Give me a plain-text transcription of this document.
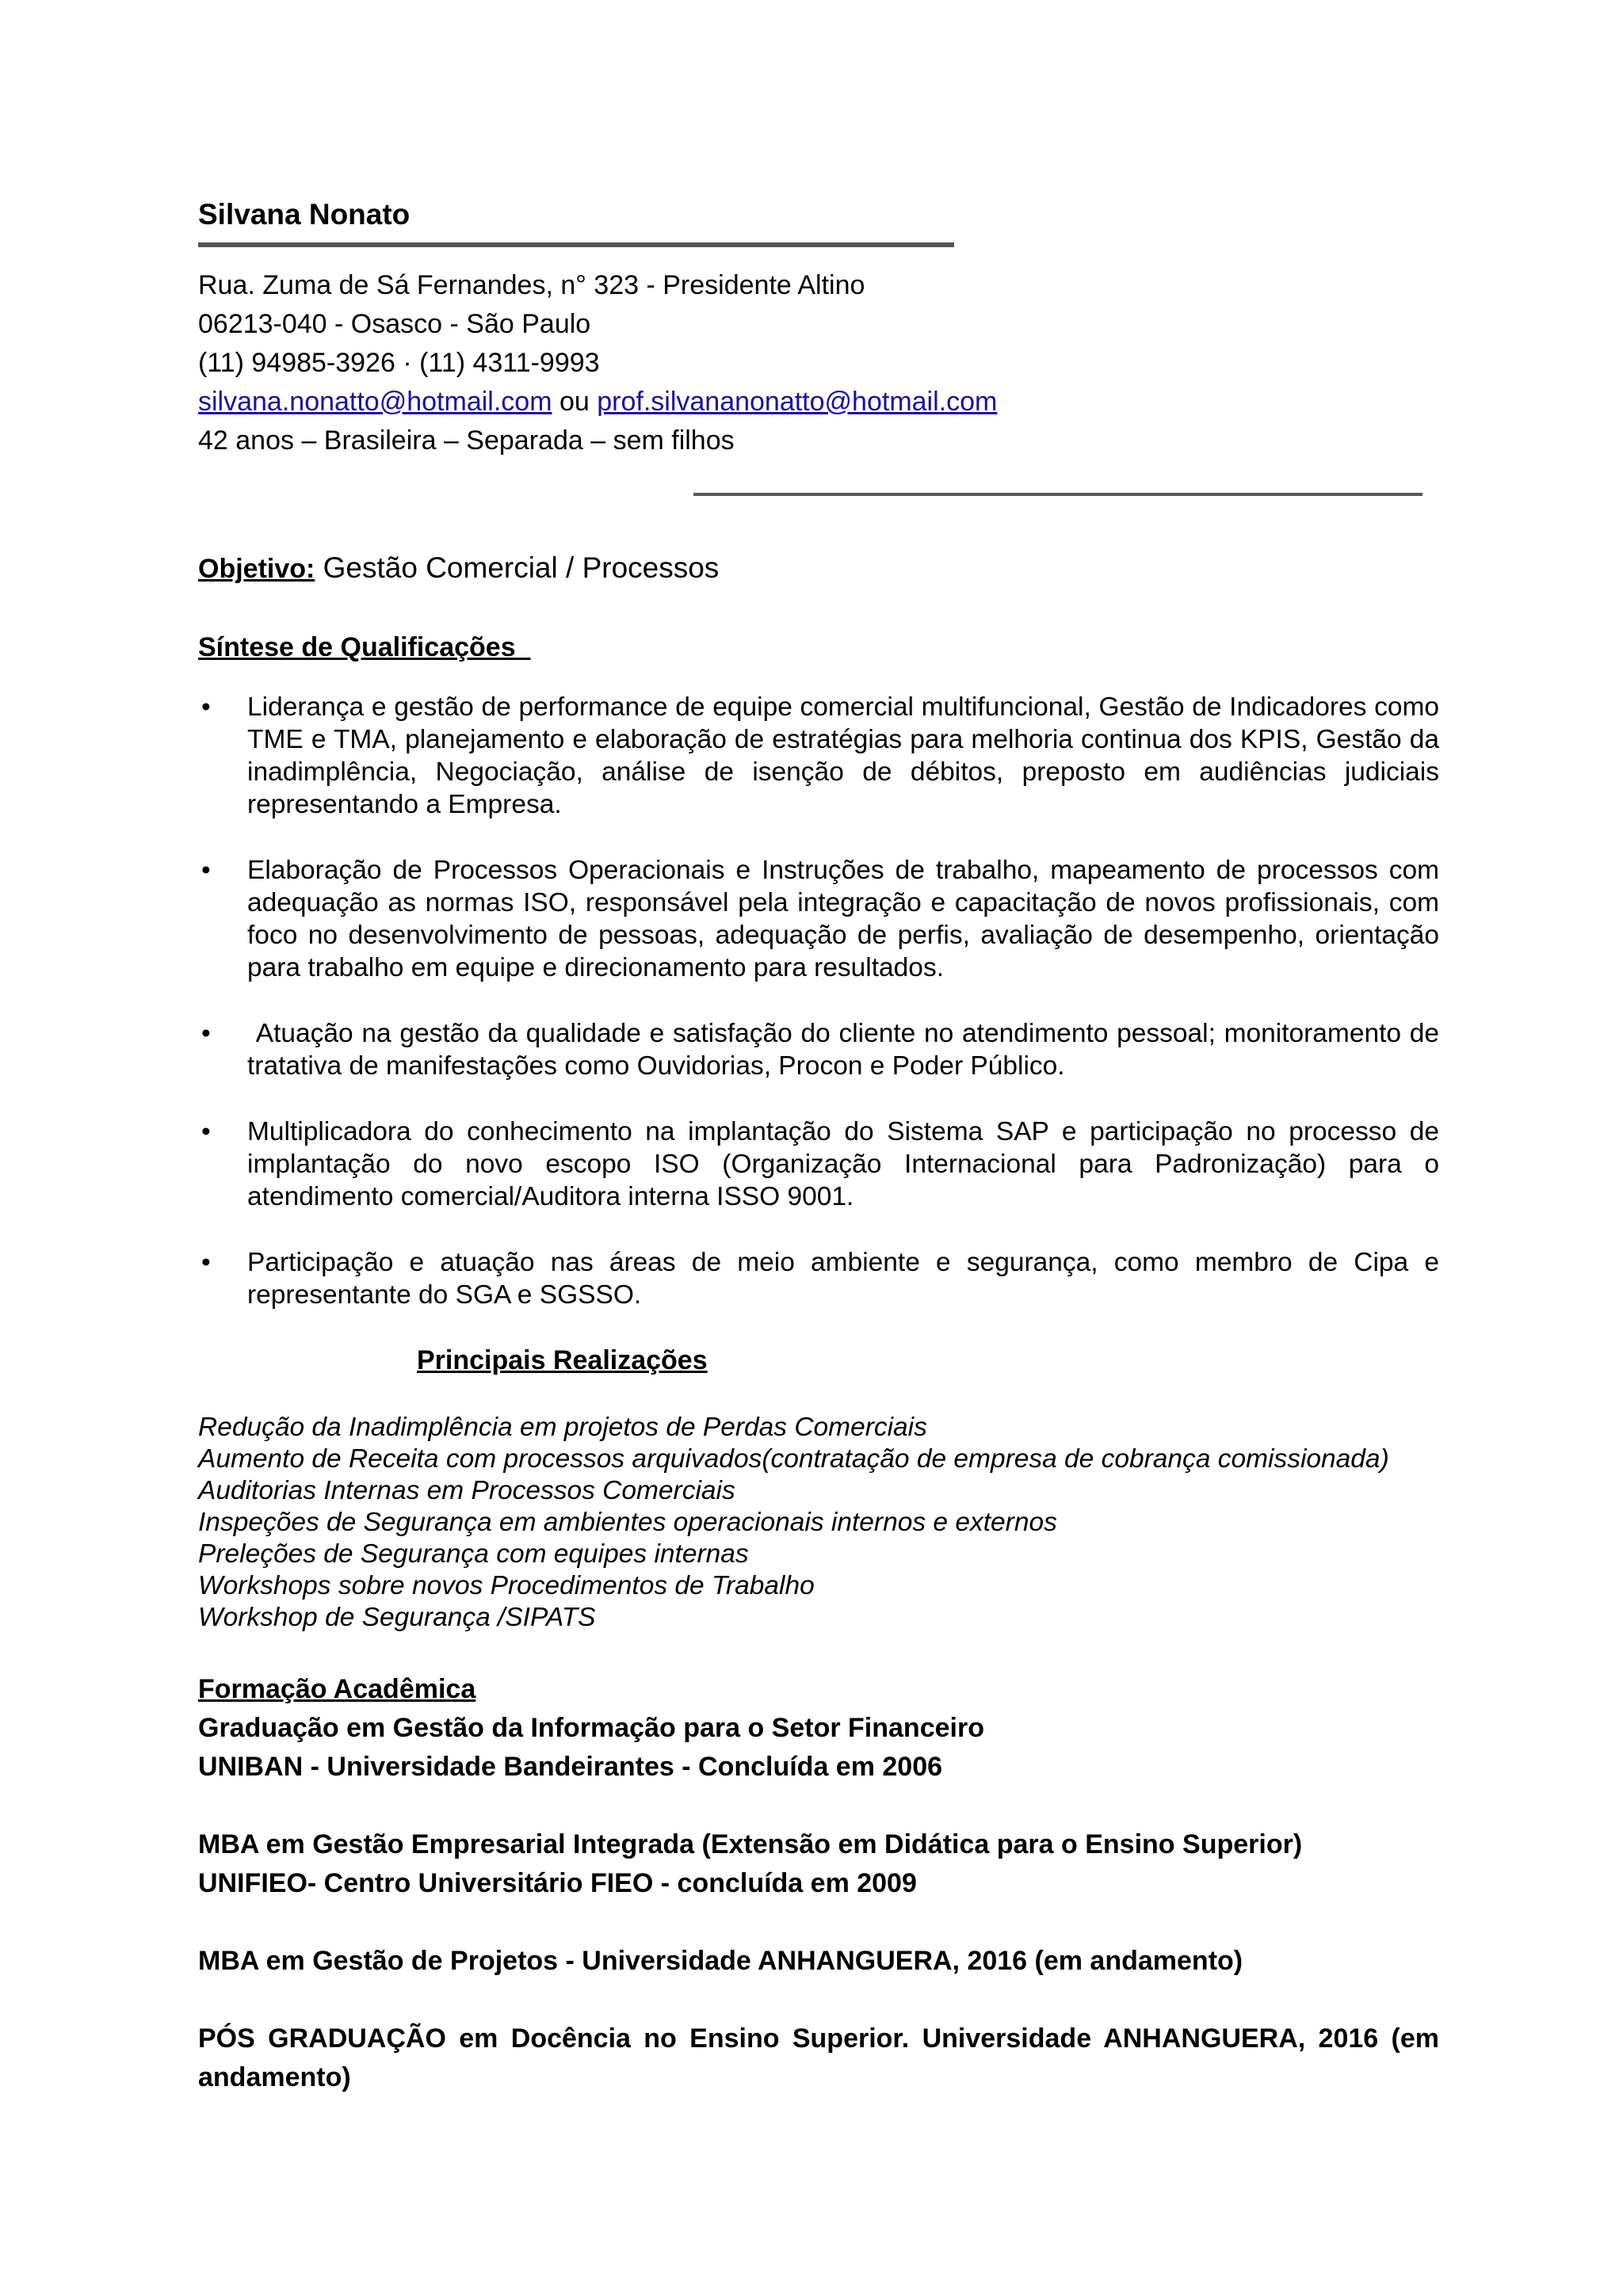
Silvana Nonato
Rua. Zuma de Sá Fernandes, n° 323 - Presidente Altino
06213-040 - Osasco - São Paulo
(11) 94985-3926 · (11) 4311-9993
silvana.nonatto@hotmail.com ou prof.silvananonatto@hotmail.com
42 anos – Brasileira – Separada – sem filhos
Objetivo: Gestão Comercial / Processos
Síntese de Qualificações
• Liderança e gestão de performance de equipe comercial multifuncional, Gestão de Indicadores como TME e TMA, planejamento e elaboração de estratégias para melhoria continua dos KPIS, Gestão da inadimplência, Negociação, análise de isenção de débitos, preposto em audiências judiciais representando a Empresa.
• Elaboração de Processos Operacionais e Instruções de trabalho, mapeamento de processos com adequação as normas ISO, responsável pela integração e capacitação de novos profissionais, com foco no desenvolvimento de pessoas, adequação de perfis, avaliação de desempenho, orientação para trabalho em equipe e direcionamento para resultados.
• Atuação na gestão da qualidade e satisfação do cliente no atendimento pessoal; monitoramento de tratativa de manifestações como Ouvidorias, Procon e Poder Público.
• Multiplicadora do conhecimento na implantação do Sistema SAP e participação no processo de implantação do novo escopo ISO (Organização Internacional para Padronização) para o atendimento comercial/Auditora interna ISSO 9001.
• Participação e atuação nas áreas de meio ambiente e segurança, como membro de Cipa e representante do SGA e SGSSO.
Principais Realizações
Redução da Inadimplência em projetos de Perdas Comerciais
Aumento de Receita com processos arquivados(contratação de empresa de cobrança comissionada)
Auditorias Internas em Processos Comerciais
Inspeções de Segurança em ambientes operacionais internos e externos
Preleções de Segurança com equipes internas
Workshops sobre novos Procedimentos de Trabalho
Workshop de Segurança /SIPATS
Formação Acadêmica
Graduação em Gestão da Informação para o Setor Financeiro
UNIBAN - Universidade Bandeirantes - Concluída em 2006
MBA em Gestão Empresarial Integrada (Extensão em Didática para o Ensino Superior)
UNIFIEO- Centro Universitário FIEO - concluída em 2009
MBA em Gestão de Projetos - Universidade ANHANGUERA, 2016 (em andamento)
PÓS GRADUAÇÃO em Docência no Ensino Superior. Universidade ANHANGUERA, 2016 (em andamento)
